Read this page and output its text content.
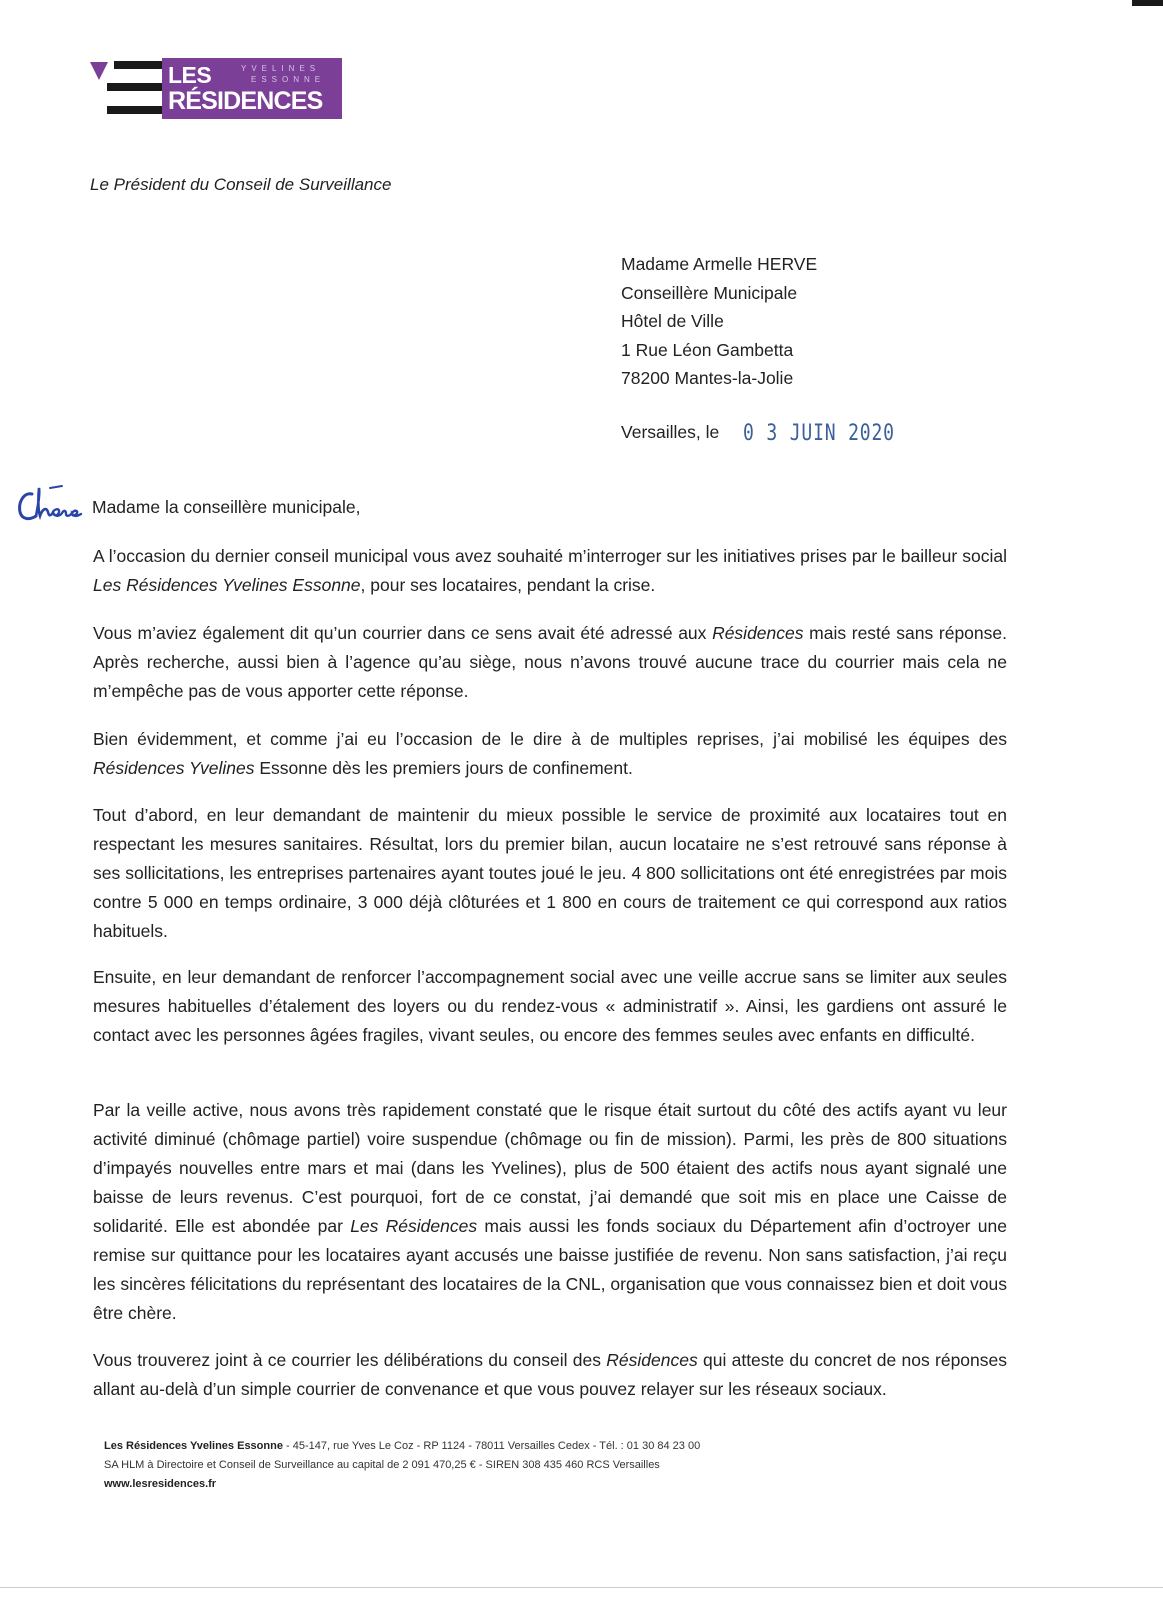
LES	YVELINES
ESSONNE
RÉSIDENCES
Le Président du Conseil de Surveillance
Madame Armelle HERVE
Conseillère Municipale
Hôtel de Ville
1 Rue Léon Gambetta
78200 Mantes-la-Jolie
Versailles, le 0 3 JUIN 2020
Madame la conseillère municipale,

A l’occasion du dernier conseil municipal vous avez souhaité m’interroger sur les initiatives prises par le bailleur social Les Résidences Yvelines Essonne, pour ses locataires, pendant la crise.

Vous m’aviez également dit qu’un courrier dans ce sens avait été adressé aux Résidences mais resté sans réponse. Après recherche, aussi bien à l’agence qu’au siège, nous n’avons trouvé aucune trace du courrier mais cela ne m’empêche pas de vous apporter cette réponse.

Bien évidemment, et comme j’ai eu l’occasion de le dire à de multiples reprises, j’ai mobilisé les équipes des Résidences Yvelines Essonne dès les premiers jours de confinement.

Tout d’abord, en leur demandant de maintenir du mieux possible le service de proximité aux locataires tout en respectant les mesures sanitaires. Résultat, lors du premier bilan, aucun locataire ne s’est retrouvé sans réponse à ses sollicitations, les entreprises partenaires ayant toutes joué le jeu. 4 800 sollicitations ont été enregistrées par mois contre 5 000 en temps ordinaire, 3 000 déjà clôturées et 1 800 en cours de traitement ce qui correspond aux ratios habituels.

Ensuite, en leur demandant de renforcer l’accompagnement social avec une veille accrue sans se limiter aux seules mesures habituelles d’étalement des loyers ou du rendez-vous « administratif ». Ainsi, les gardiens ont assuré le contact avec les personnes âgées fragiles, vivant seules, ou encore des femmes seules avec enfants en difficulté.

Par la veille active, nous avons très rapidement constaté que le risque était surtout du côté des actifs ayant vu leur activité diminué (chômage partiel) voire suspendue (chômage ou fin de mission). Parmi, les près de 800 situations d’impayés nouvelles entre mars et mai (dans les Yvelines), plus de 500 étaient des actifs nous ayant signalé une baisse de leurs revenus. C’est pourquoi, fort de ce constat, j’ai demandé que soit mis en place une Caisse de solidarité. Elle est abondée par Les Résidences mais aussi les fonds sociaux du Département afin d’octroyer une remise sur quittance pour les locataires ayant accusés une baisse justifiée de revenu. Non sans satisfaction, j’ai reçu les sincères félicitations du représentant des locataires de la CNL, organisation que vous connaissez bien et doit vous être chère.

Vous trouverez joint à ce courrier les délibérations du conseil des Résidences qui atteste du concret de nos réponses allant au-delà d’un simple courrier de convenance et que vous pouvez relayer sur les réseaux sociaux.

Les Résidences Yvelines Essonne - 45-147, rue Yves Le Coz - RP 1124 - 78011 Versailles Cedex - Tél. : 01 30 84 23 00
SA HLM à Directoire et Conseil de Surveillance au capital de 2 091 470,25 € - SIREN 308 435 460 RCS Versailles
www.lesresidences.fr
